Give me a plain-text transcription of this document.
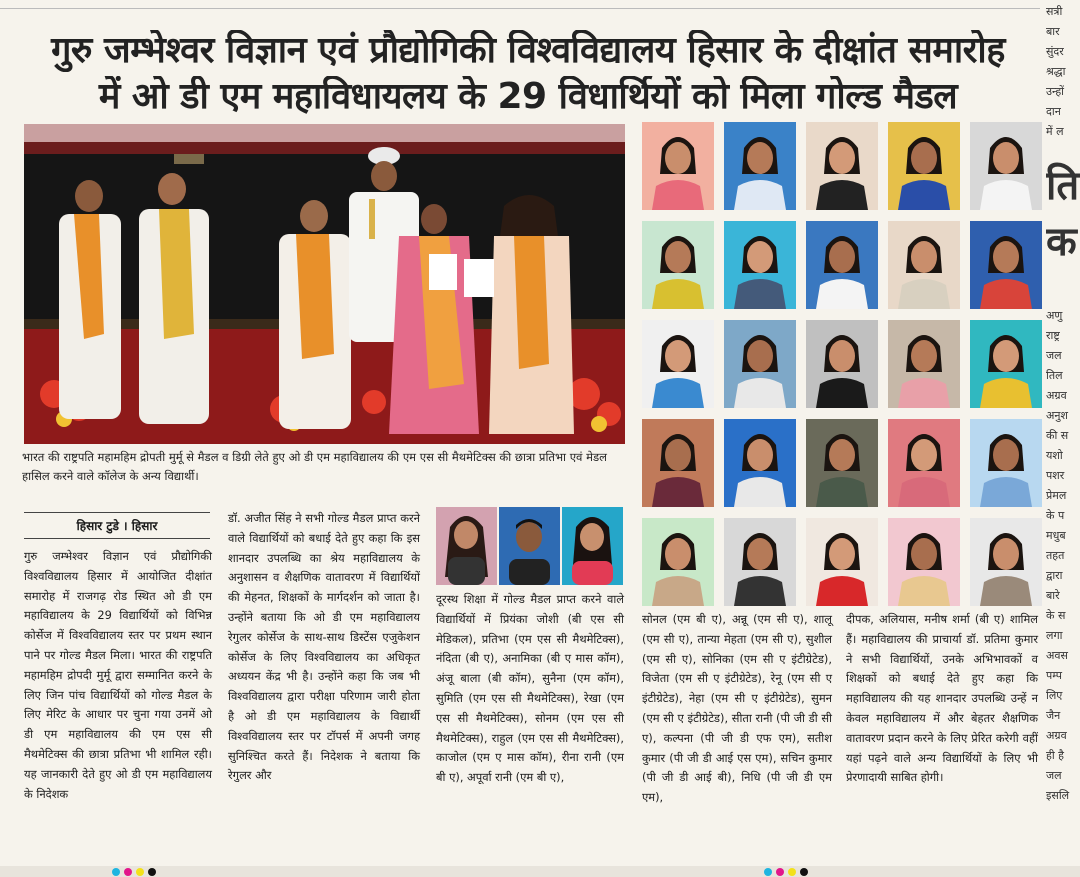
गुरु जम्भेश्वर विज्ञान एवं प्रौद्योगिकी विश्वविद्यालय हिसार के दीक्षांत समारोह
में ओ डी एम महाविधायलय के 29 विधार्थियों को मिला गोल्ड मैडल
भारत की राष्ट्रपति महामहिम द्रोपती मुर्मू से मैडल व डिग्री लेते हुए ओ डी एम महाविद्यालय की एम एस सी मैथमेटिक्स की छात्रा प्रतिभा एवं मेडल हासिल करने वाले कॉलेज के अन्य विद्यार्थी।
हिसार टुडे । हिसार
गुरु जम्भेश्वर विज्ञान एवं प्रौद्योगिकी विश्वविद्यालय हिसार में आयोजित दीक्षांत समारोह में राजगढ़ रोड स्थित ओ डी एम महाविद्यालय के 29 विद्यार्थियों को विभिन्न कोर्सेज में विश्वविद्यालय स्तर पर प्रथम स्थान पाने पर गोल्ड मैडल मिला। भारत की राष्ट्रपति महामहिम द्रोपदी मुर्मू द्वारा सम्मानित करने के लिए जिन पांच विद्यार्थियों को गोल्ड मैडल के लिए मेरिट के आधार पर चुना गया उनमें ओ डी एम महाविद्यालय की एम एस सी मैथमेटिक्स की छात्रा प्रतिभा भी शामिल रही। यह जानकारी देते हुए ओ डी एम महाविद्यालय के निदेशक
डॉ. अजीत सिंह ने सभी गोल्ड मैडल प्राप्त करने वाले विद्यार्थियों को बधाई देते हुए कहा कि इस शानदार उपलब्धि का श्रेय महाविद्यालय के अनुशासन व शैक्षणिक वातावरण में विद्यार्थियों की मेहनत, शिक्षकों के मार्गदर्शन को जाता है। उन्होंने बताया कि ओ डी एम महाविद्यालय रेगुलर कोर्सेज के साथ-साथ डिस्टेंस एजुकेशन कोर्सेज के लिए विश्वविद्यालय का अधिकृत अध्ययन केंद्र भी है। उन्होंने कहा कि जब भी विश्वविद्यालय द्वारा परीक्षा परिणाम जारी होता है ओ डी एम महाविद्यालय के विद्यार्थी विश्वविद्यालय स्तर पर टॉपर्स में अपनी जगह सुनिश्चित करते हैं। निदेशक ने बताया कि रेगुलर और
दूरस्थ शिक्षा में गोल्ड मैडल प्राप्त करने वाले विद्यार्थियों में प्रियंका जोशी (बी एस सी मेडिकल), प्रतिभा (एम एस सी मैथमेटिक्स), नंदिता (बी ए), अनामिका (बी ए मास कॉम), अंजू बाला (बी कॉम), सुनैना (एम कॉम), सुमिति (एम एस सी मैथमेटिक्स), रेखा (एम एस सी मैथमेटिक्स), सोनम (एम एस सी मैथमेटिक्स), राहुल (एम एस सी मैथमेटिक्स), काजोल (एम ए मास कॉम), रीना रानी (एम बी ए), अपूर्वा रानी (एम बी ए),
सोनल (एम बी ए), अन्नू (एम सी ए), शालू (एम सी ए), तान्या मेहता (एम सी ए), सुशील (एम सी ए), सोनिका (एम सी ए इंटीग्रेटेड), विजेता (एम सी ए इंटीग्रेटेड), रेनू (एम सी ए इंटीग्रेटेड), नेहा (एम सी ए इंटीग्रेटेड), सुमन (एम सी ए इंटीग्रेटेड), सीता रानी (पी जी डी सी ए), कल्पना (पी जी डी एफ एम), सतीश कुमार (पी जी डी आई एस एम), सचिन कुमार (पी जी डी आई बी), निधि (पी जी डी एम एम),
दीपक, अलियास, मनीष शर्मा (बी ए) शामिल हैं। महाविद्यालय की प्राचार्या डॉ. प्रतिमा कुमार ने सभी विद्यार्थियों, उनके अभिभावकों व शिक्षकों को बधाई देते हुए कहा कि महाविद्यालय की यह शानदार उपलब्धि उन्हें न केवल महाविद्यालय में और बेहतर शैक्षणिक वातावरण प्रदान करने के लिए प्रेरित करेगी वहीं यहां पढ़ने वाले अन्य विद्यार्थियों के लिए भी प्रेरणादायी साबित होगी।
सत्री
बार
सुंदर
श्रद्धा
उन्हों
दान
में ल
ति
क
अणु
राष्ट्र
जल
तिल
अग्रव
अनुश
की स
यशो
पशर
प्रेमल
के प
मधुब
तहत
द्वारा
बारे
के स
लगा
अवस
पम्प
लिए
जैन
अग्रव
ही है
जल
इसलि
